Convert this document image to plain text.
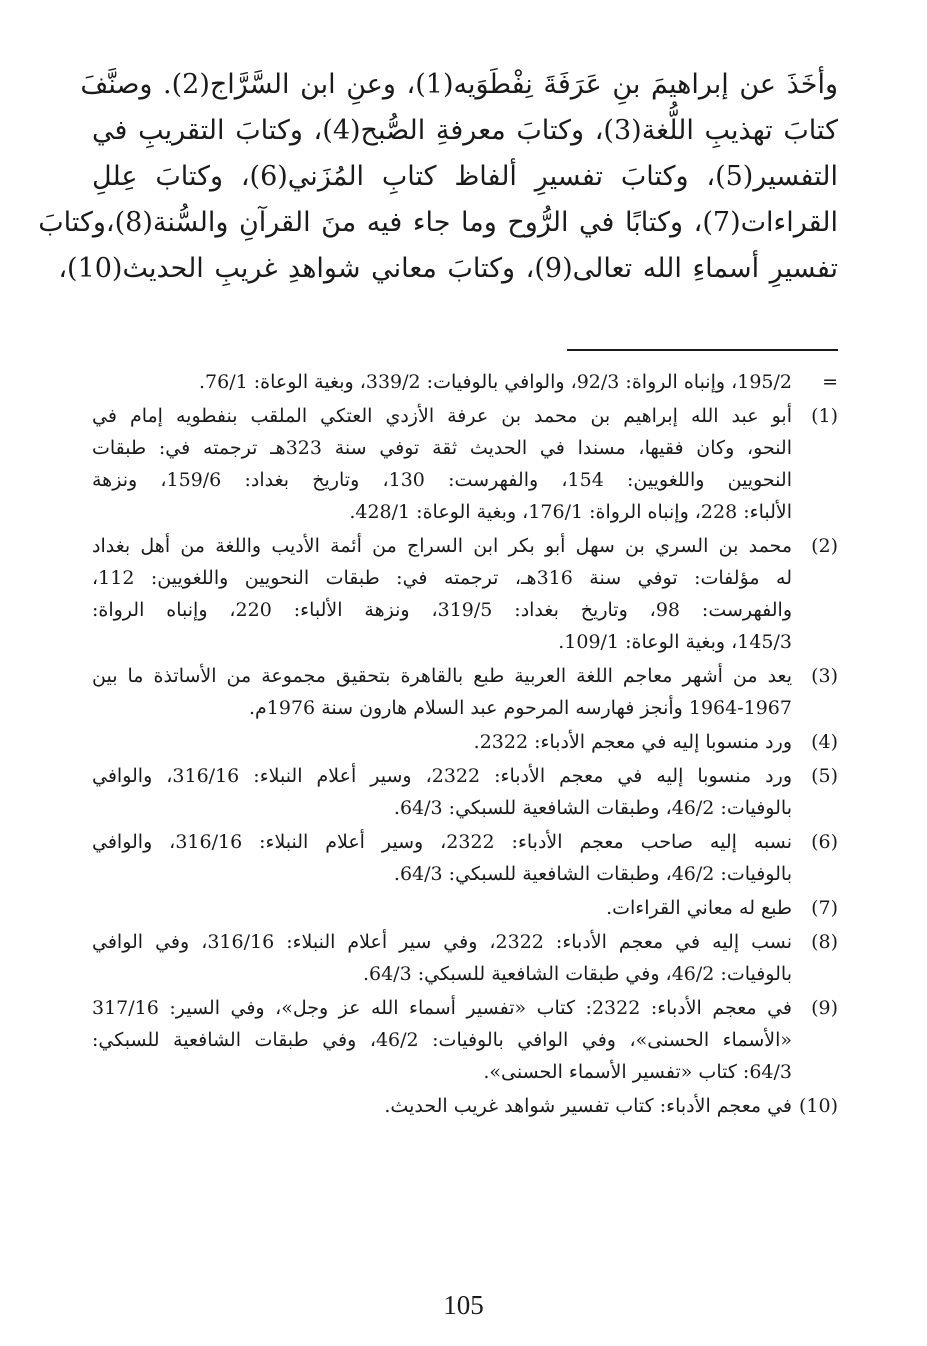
وأخَذَ عن إبراهيمَ بنِ عَرَفَةَ نِفْطَوَيه(1)، وعنِ ابن السَّرَّاج(2). وصنَّفَ
كتابَ تهذيبِ اللُّغة(3)، وكتابَ معرفةِ الصُّبح(4)، وكتابَ التقريبِ في
التفسير(5)، وكتابَ تفسيرِ ألفاظ كتابِ المُزَني(6)، وكتابَ عِللِ
القراءات(7)، وكتابًا في الرُّوح وما جاء فيه منَ القرآنِ والسُّنة(8)،وكتابَ
تفسيرِ أسماءِ الله تعالى(9)، وكتابَ معاني شواهدِ غريبِ الحديث(10)،
=
195/2، وإنباه الرواة: 92/3، والوافي بالوفيات: 339/2، وبغية الوعاة: 76/1.
(1)
أبو عبد الله إبراهيم بن محمد بن عرفة الأزدي العتكي الملقب بنفطويه إمام في
النحو، وكان فقيها، مسندا في الحديث ثقة توفي سنة 323هـ ترجمته في: طبقات
النحويين واللغويين: 154، والفهرست: 130، وتاريخ بغداد: 159/6، ونزهة
الألباء: 228، وإنباه الرواة: 176/1، وبغية الوعاة: 428/1.
(2)
محمد بن السري بن سهل أبو بكر ابن السراج من أئمة الأديب واللغة من أهل بغداد
له مؤلفات: توفي سنة 316هـ، ترجمته في: طبقات النحويين واللغويين: 112،
والفهرست: 98، وتاريخ بغداد: 319/5، ونزهة الألباء: 220، وإنباه الرواة:
145/3، وبغية الوعاة: 109/1.
(3)
يعد من أشهر معاجم اللغة العربية طبع بالقاهرة بتحقيق مجموعة من الأساتذة ما بين
1964-1967 وأنجز فهارسه المرحوم عبد السلام هارون سنة 1976م.
(4)
ورد منسوبا إليه في معجم الأدباء: 2322.
(5)
ورد منسوبا إليه في معجم الأدباء: 2322، وسير أعلام النبلاء: 316/16، والوافي
بالوفيات: 46/2، وطبقات الشافعية للسبكي: 64/3.
(6)
نسبه إليه صاحب معجم الأدباء: 2322، وسير أعلام النبلاء: 316/16، والوافي
بالوفيات: 46/2، وطبقات الشافعية للسبكي: 64/3.
(7)
طبع له معاني القراءات.
(8)
نسب إليه في معجم الأدباء: 2322، وفي سير أعلام النبلاء: 316/16، وفي الوافي
بالوفيات: 46/2، وفي طبقات الشافعية للسبكي: 64/3.
(9)
في معجم الأدباء: 2322: كتاب «تفسير أسماء الله عز وجل»، وفي السير: 317/16
«الأسماء الحسنى»، وفي الوافي بالوفيات: 46/2، وفي طبقات الشافعية للسبكي:
64/3: كتاب «تفسير الأسماء الحسنى».
(10)
في معجم الأدباء: كتاب تفسير شواهد غريب الحديث.
105
